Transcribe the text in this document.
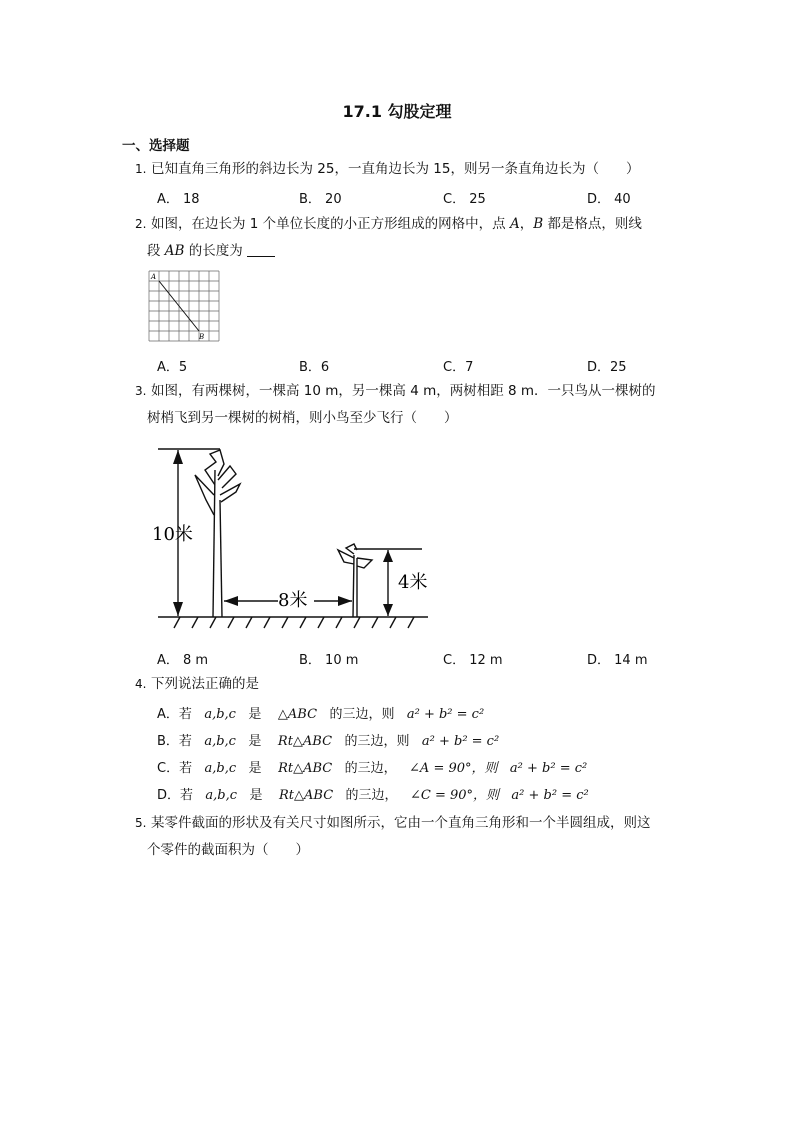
17.1 勾股定理
一、选择题
1. 已知直角三角形的斜边长为 25，一直角边长为 15，则另一条直角边长为（　　）
A． 18	B． 20	C． 25	D． 40
2. 如图，在边长为 1 个单位长度的小正方形组成的网格中，点 A，B 都是格点，则线
段 AB 的长度为
A
B
A．5	B．6	C．7	D．25
3. 如图，有两棵树，一棵高 10 m，另一棵高 4 m，两树相距 8 m．一只鸟从一棵树的
树梢飞到另一棵树的树梢，则小鸟至少飞行（　　）
10米
8米
4米
A． 8 m	B． 10 m	C． 12 m	D． 14 m
4. 下列说法正确的是
A．若 a,b,c 是 △ABC 的三边，则 a² + b² = c²
B．若 a,b,c 是 Rt△ABC 的三边，则 a² + b² = c²
C．若 a,b,c 是 Rt△ABC 的三边， ∠A = 90°，则 a² + b² = c²
D．若 a,b,c 是 Rt△ABC 的三边， ∠C = 90°，则 a² + b² = c²
5. 某零件截面的形状及有关尺寸如图所示，它由一个直角三角形和一个半圆组成，则这
个零件的截面积为（　　）
